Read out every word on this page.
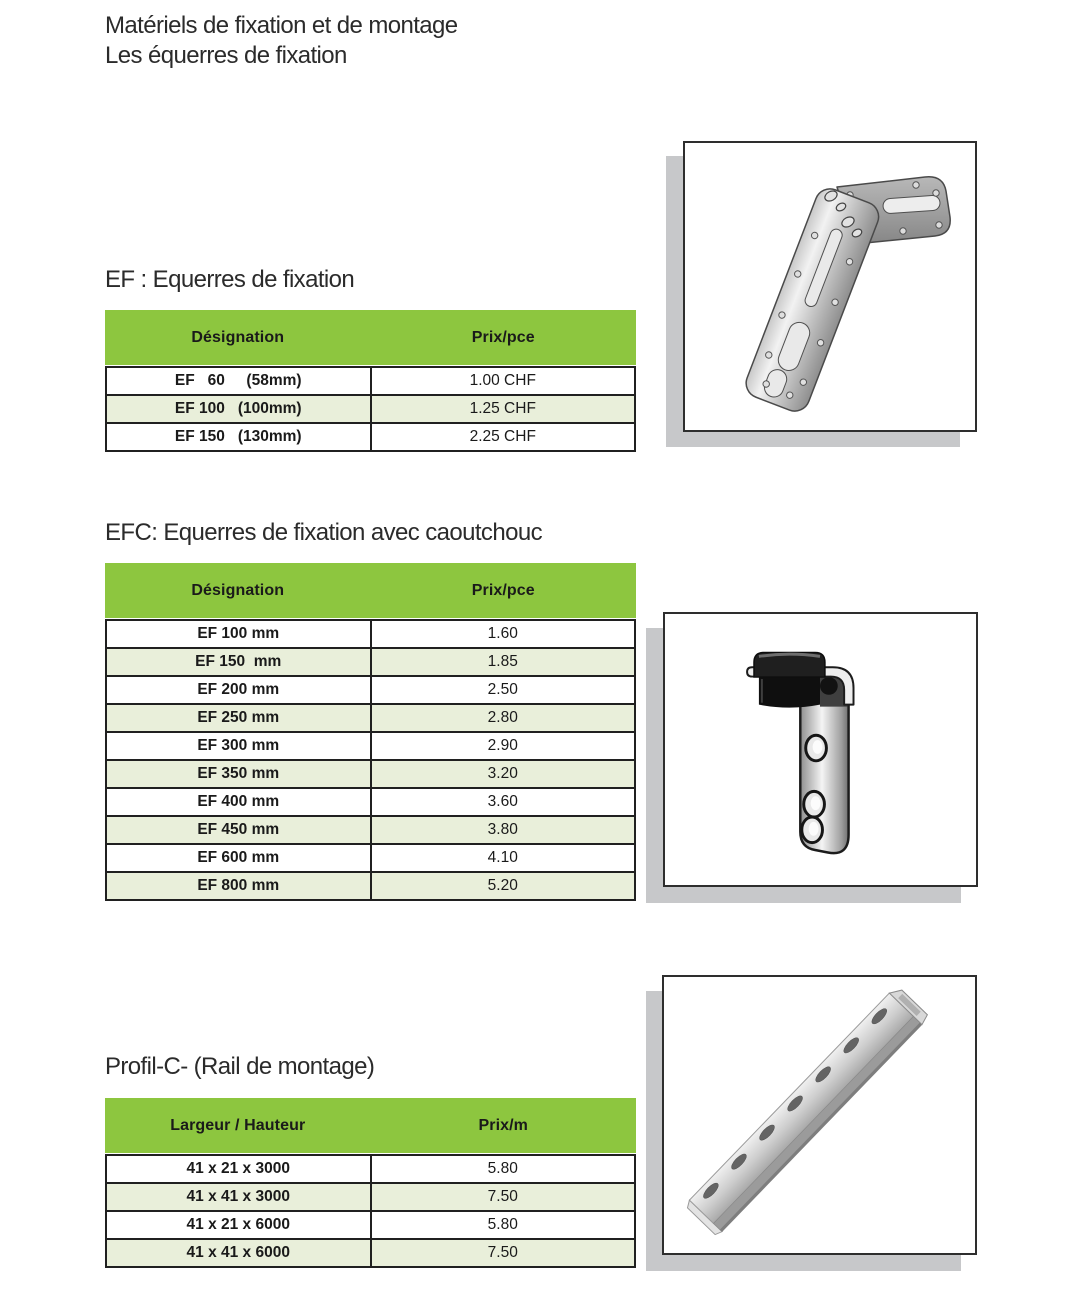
Matériels de fixation et de montage
Les équerres de fixation
EF : Equerres de fixation
Désignation	Prix/pce
EF   60     (58mm)	1.00 CHF
EF 100   (100mm)	1.25 CHF
EF 150   (130mm)	2.25 CHF
EFC: Equerres de fixation avec caoutchouc
Désignation	Prix/pce
EF 100 mm	1.60
EF 150  mm	1.85
EF 200 mm	2.50
EF 250 mm	2.80
EF 300 mm	2.90
EF 350 mm	3.20
EF 400 mm	3.60
EF 450 mm	3.80
EF 600 mm	4.10
EF 800 mm	5.20
Profil-C- (Rail de montage)
Largeur / Hauteur	Prix/m
41 x 21 x 3000	5.80
41 x 41 x 3000	7.50
41 x 21 x 6000	5.80
41 x 41 x 6000	7.50
